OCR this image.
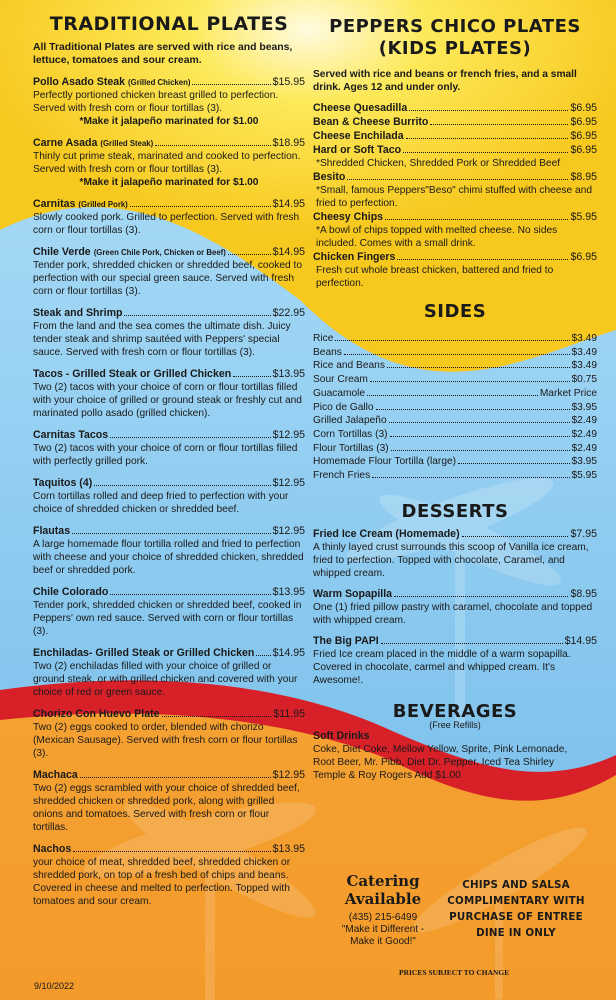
TRADITIONAL PLATES
All Traditional Plates are served with rice and beans, lettuce, tomatoes and sour cream.
Pollo Asado Steak (Grilled Chicken)	$15.95
Perfectly portioned chicken breast grilled to perfection. Served with fresh corn or flour tortillas (3).
*Make it jalapeño marinated for $1.00
Carne Asada (Grilled Steak)	$18.95
Thinly cut prime steak, marinated and cooked to perfection. Served with fresh corn or flour tortillas (3).
*Make it jalapeño marinated for $1.00
Carnitas (Grilled Pork)	$14.95
Slowly cooked pork. Grilled to perfection. Served with fresh corn or flour tortillas (3).
Chile Verde (Green Chile Pork, Chicken or Beef)	$14.95
Tender pork, shredded chicken or shredded beef, cooked to perfection with our special green sauce. Served with fresh corn or flour tortillas (3).
Steak and Shrimp	$22.95
From the land and the sea comes the ultimate dish. Juicy tender steak and shrimp sautéed with Peppers' special sauce. Served with fresh corn or flour tortillas (3).
Tacos - Grilled Steak or Grilled Chicken	$13.95
Two (2) tacos with your choice of corn or flour tortillas filled with your choice of grilled or ground steak or freshly cut and marinated pollo asado (grilled chicken).
Carnitas Tacos	$12.95
Two (2) tacos with your choice of corn or flour tortillas filled with perfectly grilled pork.
Taquitos (4)	$12.95
Corn tortillas rolled and deep fried to perfection with your choice of shredded chicken or shredded beef.
Flautas	$12.95
A large homemade flour tortilla rolled and fried to perfection with cheese and your choice of shredded chicken, shredded beef or shredded pork.
Chile Colorado	$13.95
Tender pork, shredded chicken or shredded beef, cooked in Peppers' own red sauce. Served with corn or flour tortillas (3).
Enchiladas- Grilled Steak or Grilled Chicken $14.95
Two (2) enchiladas filled with your choice of grilled or ground steak, or with grilled chicken and covered with your choice of red or green sauce.
Chorizo Con Huevo Plate	$11.95
Two (2) eggs cooked to order, blended with chorizo (Mexican Sausage). Served with fresh corn or flour tortillas (3).
Machaca	$12.95
Two (2) eggs scrambled with your choice of shredded beef, shredded chicken or shredded pork, along with grilled onions and tomatoes. Served with fresh corn or flour tortillas.
Nachos	$13.95
your choice of meat, shredded beef, shredded chicken or shredded pork, on top of a fresh bed of chips and beans. Covered in cheese and melted to perfection. Topped with tomatoes and sour cream.
PEPPERS CHICO PLATES
(KIDS PLATES)
Served with rice and beans or french fries, and a small drink. Ages 12 and under only.
Cheese Quesadilla	$6.95
Bean & Cheese Burrito	$6.95
Cheese Enchilada	$6.95
Hard or Soft Taco	$6.95
*Shredded Chicken, Shredded Pork or Shredded Beef
Besito	$8.95
*Small, famous Peppers"Beso" chimi stuffed with cheese and fried to perfection.
Cheesy Chips	$5.95
*A bowl of chips topped with melted cheese. No sides included. Comes with a small drink.
Chicken Fingers	$6.95
Fresh cut whole breast chicken, battered and fried to perfection.
SIDES
Rice	$3.49
Beans	$3.49
Rice and Beans	$3.49
Sour Cream	$0.75
Guacamole	Market Price
Pico de Gallo	$3.95
Grilled Jalapeño	$2.49
Corn Tortillas (3)	$2.49
Flour Tortillas (3)	$2.49
Homemade Flour Tortilla (large)	$3.95
French Fries	$5.95
DESSERTS
Fried Ice Cream (Homemade)	$7.95
A thinly layed crust surrounds this scoop of Vanilla ice cream, fried to perfection. Topped with chocolate, Caramel, and whipped cream.
Warm Sopapilla	$8.95
One (1) fried pillow pastry with caramel, chocolate and topped with whipped cream.
The Big PAPI	$14.95
Fried Ice cream placed in the middle of a warm sopapilla. Covered in chocolate, carmel and whipped cream. It's Awesome!.
BEVERAGES
(Free Refills)
Soft Drinks
Coke, Diet Coke, Mellow Yellow, Sprite, Pink Lemonade, Root Beer, Mr. Pibb, Diet Dr. Pepper, Iced Tea Shirley Temple & Roy Rogers Add $1.00
Catering
Available
(435) 215-6499
"Make it Different - Make it Good!"
CHIPS AND SALSA
COMPLIMENTARY WITH
PURCHASE OF ENTREE
DINE IN ONLY
PRICES SUBJECT TO CHANGE
9/10/2022
